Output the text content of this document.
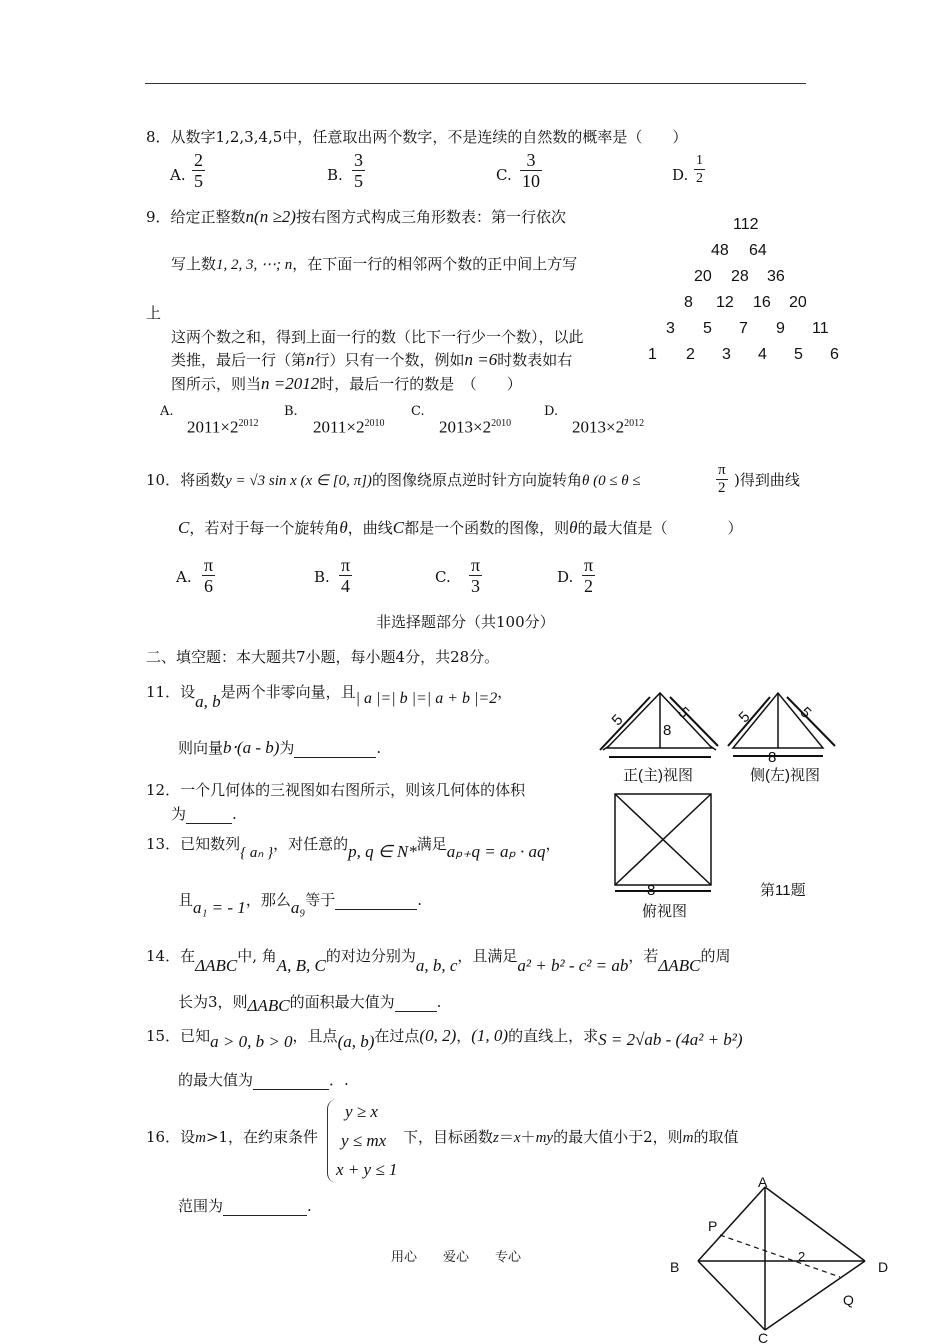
8．从数字1,2,3,4,5中，任意取出两个数字，不是连续的自然数的概率是（　　）
A. $\frac{2}{5}$	B. $\frac{3}{5}$	C. $\frac{3}{10}$	D. $\frac{1}{2}$
9．给定正整数n(n ≥2)按右图方式构成三角形数表：第一行依次
写上数1, 2, 3, ⋯; n，在下面一行的相邻两个数的正中间上方写
上
这两个数之和，得到上面一行的数（比下一行少一个数），以此
类推，最后一行（第n行）只有一个数，例如n =6时数表如右
图所示，则当n =2012时，最后一行的数是　（　　）
A.
$2011\times 2^{2012}$
B.
$2011\times 2^{2010}$
C.
$2013\times 2^{2010}$
D.
$2013\times 2^{2012}$
112
48 64
20 28 36
8 12 16 20
3 5 7 9 11
1 2 3 4 5 6
10．将函数y = √3 sin x (x ∈ [0, π])的图像绕原点逆时针方向旋转角θ (0 ≤ θ ≤	$\frac{\pi}{2}$ )得到曲线
C，若对于每一个旋转角θ，曲线C都是一个函数的图像，则θ的最大值是（　　　　）
A. $\frac{\pi}{6}$	B. $\frac{\pi}{4}$	C. $\frac{\pi}{3}$	D. $\frac{\pi}{2}$
非选择题部分（共100分）
二、填空题：本大题共7小题，每小题4分，共28分。
11．设a, b是两个非零向量，且| a |=| b |=| a + b |=2，
则向量b⋅(a - b)为	.
12．一个几何体的三视图如右图所示，则该几何体的体积
为	.
13．已知数列{ aₙ }，对任意的p, q ∈ N*满足aₚ₊q = aₚ · aq，
且a₁ = - 1，那么a₉等于	.
14．在ΔABC中, 角A, B, C的对边分别为a, b, c，且满足a² + b² - c² = ab，若ΔABC的周
长为3，则ΔABC的面积最大值为	.
15．已知a > 0, b > 0，且点(a, b)在过点(0, 2)，(1, 0)的直线上，求S = 2√ab - (4a² + b²)
的最大值为	．.
16．设m>1，在约束条件
y ≥ x
y ≤ mx
x + y ≤ 1
下，目标函数z＝x＋my的最大值小于2，则m的取值
范围为	.
5	5
8
正(主)视图
5	5
8
侧(左)视图
8
俯视图
第11题
A
P
B
2
D
Q
C
用心　　爱心　　专心
